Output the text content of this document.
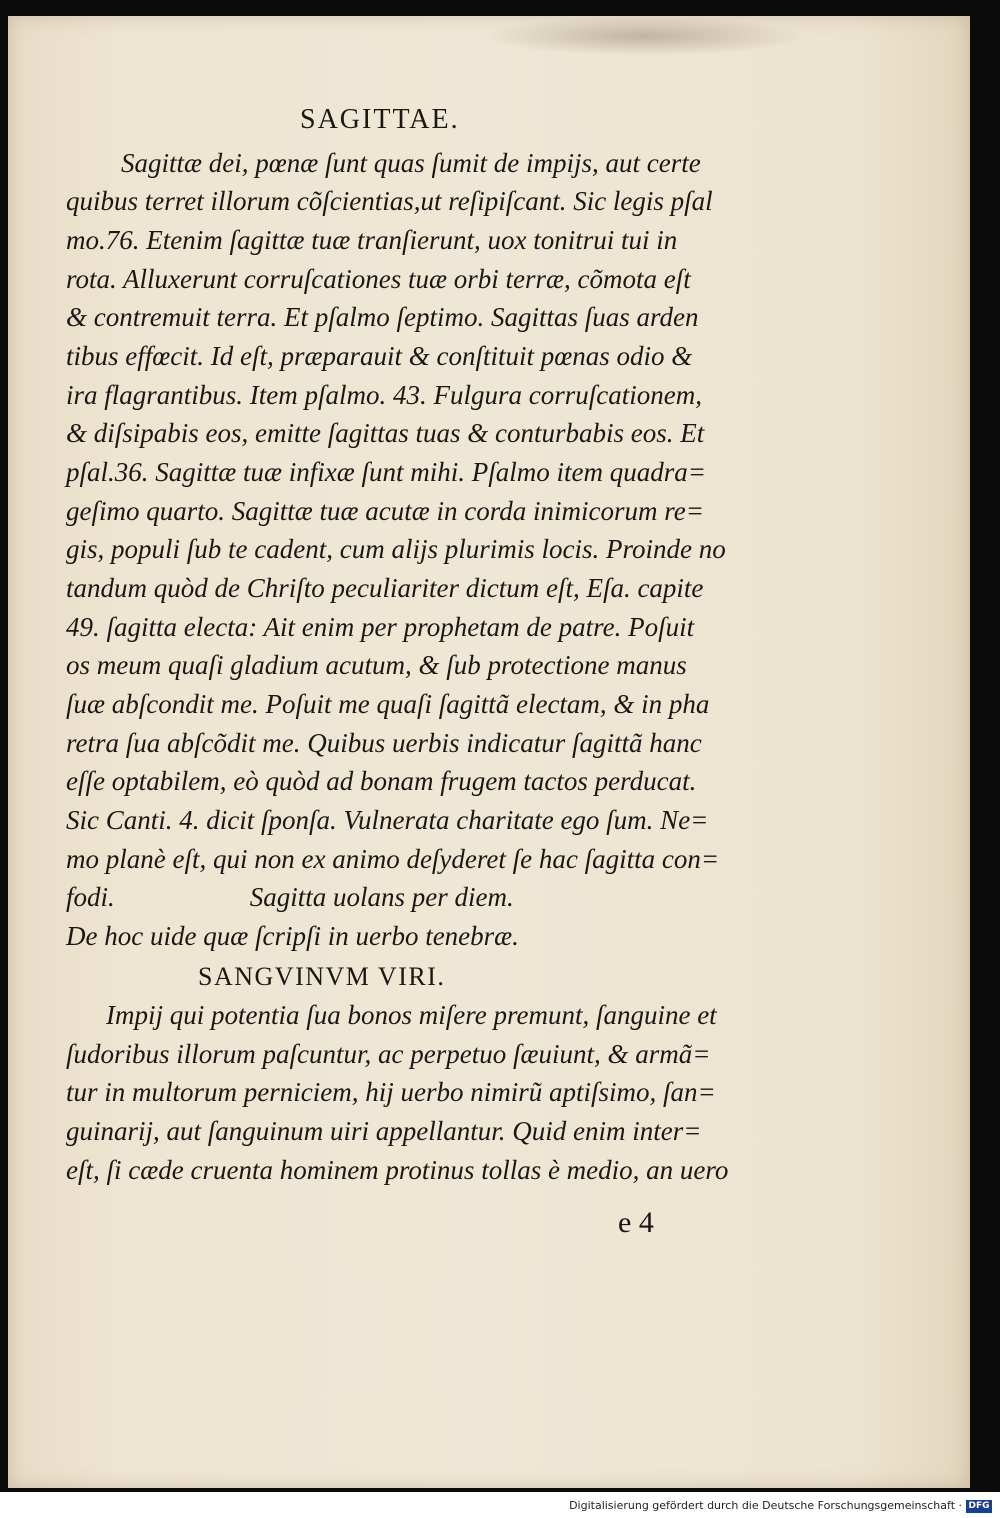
SAGITTAE.
Sagittæ dei, pœnæ ſunt quas ſumit de impijs, aut certe
quibus terret illorum cõſcientias,ut reſipiſcant. Sic legis pſal
mo.76. Etenim ſagittæ tuæ tranſierunt, uox tonitrui tui in
rota. Alluxerunt corruſcationes tuæ orbi terræ, cõmota eſt
& contremuit terra. Et pſalmo ſeptimo. Sagittas ſuas arden
tibus effœcit. Id eſt, præparauit & conſtituit pœnas odio &
ira flagrantibus. Item pſalmo. 43. Fulgura corruſcationem,
& diſsipabis eos, emitte ſagittas tuas & conturbabis eos. Et
pſal.36. Sagittæ tuæ infixæ ſunt mihi. Pſalmo item quadra=
geſimo quarto. Sagittæ tuæ acutæ in corda inimicorum re=
gis, populi ſub te cadent, cum alijs plurimis locis. Proinde no
tandum quòd de Chriſto peculiariter dictum eſt, Eſa. capite
49. ſagitta electa: Ait enim per prophetam de patre. Poſuit
os meum quaſi gladium acutum, & ſub protectione manus
ſuæ abſcondit me. Poſuit me quaſi ſagittã electam, & in pha
retra ſua abſcõdit me. Quibus uerbis indicatur ſagittã hanc
eſſe optabilem, eò quòd ad bonam frugem tactos perducat.
Sic Canti. 4. dicit ſponſa. Vulnerata charitate ego ſum. Ne=
mo planè eſt, qui non ex animo deſyderet ſe hac ſagitta con=
fodi.                    Sagitta uolans per diem.
De hoc uide quæ ſcripſi in uerbo tenebræ.
Impij qui potentia ſua bonos miſere premunt, ſanguine et
ſudoribus illorum paſcuntur, ac perpetuo ſæuiunt, & armã=
tur in multorum perniciem, hij uerbo nimirũ aptiſsimo, ſan=
guinarij, aut ſanguinum uiri appellantur. Quid enim inter=
eſt, ſi cæde cruenta hominem protinus tollas è medio, an uero
SANGVINVM VIRI.
e 4
Digitalisierung gefördert durch die Deutsche Forschungsgemeinschaft · DFG
